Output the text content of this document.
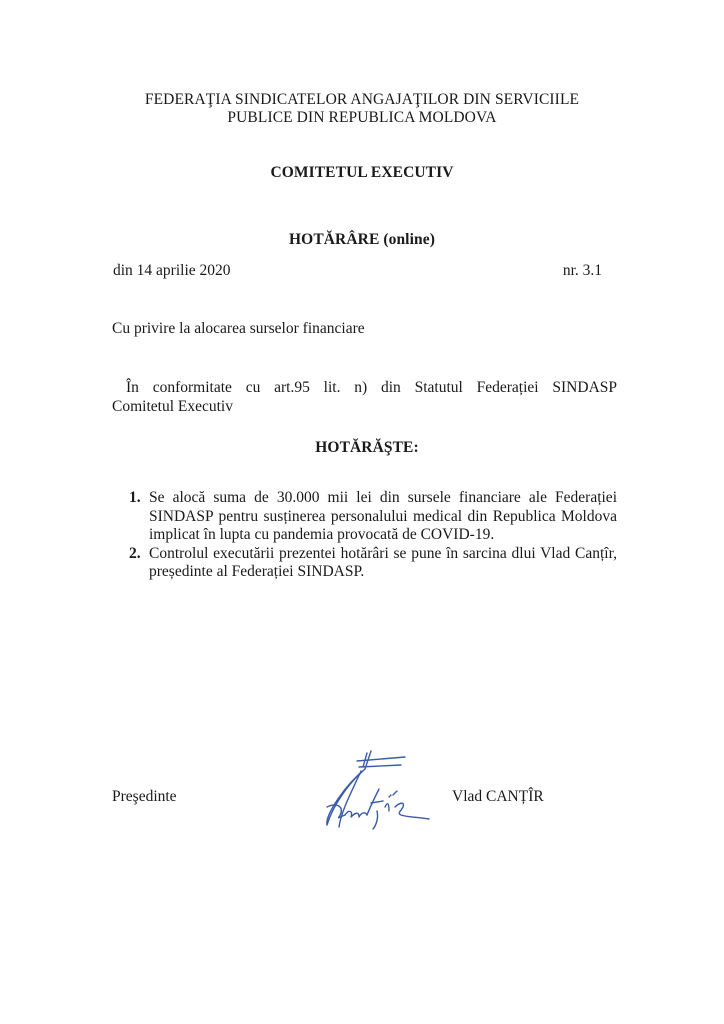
FEDERAŢIA SINDICATELOR ANGAJAŢILOR DIN SERVICIILE
PUBLICE DIN REPUBLICA MOLDOVA
COMITETUL EXECUTIV
HOTĂRÂRE (online)
din 14 aprilie 2020	nr. 3.1
Cu privire la alocarea surselor financiare
În conformitate cu art.95 lit. n) din Statutul Federației SINDASP
Comitetul Executiv
HOTĂRĂŞTE:
1. Se alocă suma de 30.000 mii lei din sursele financiare ale Federației SINDASP pentru susținerea personalului medical din Republica Moldova implicat în lupta cu pandemia provocată de COVID-19.
2. Controlul executării prezentei hotărâri se pune în sarcina dlui Vlad Canțîr, președinte al Federației SINDASP.
Preşedinte	Vlad CANȚÎR
